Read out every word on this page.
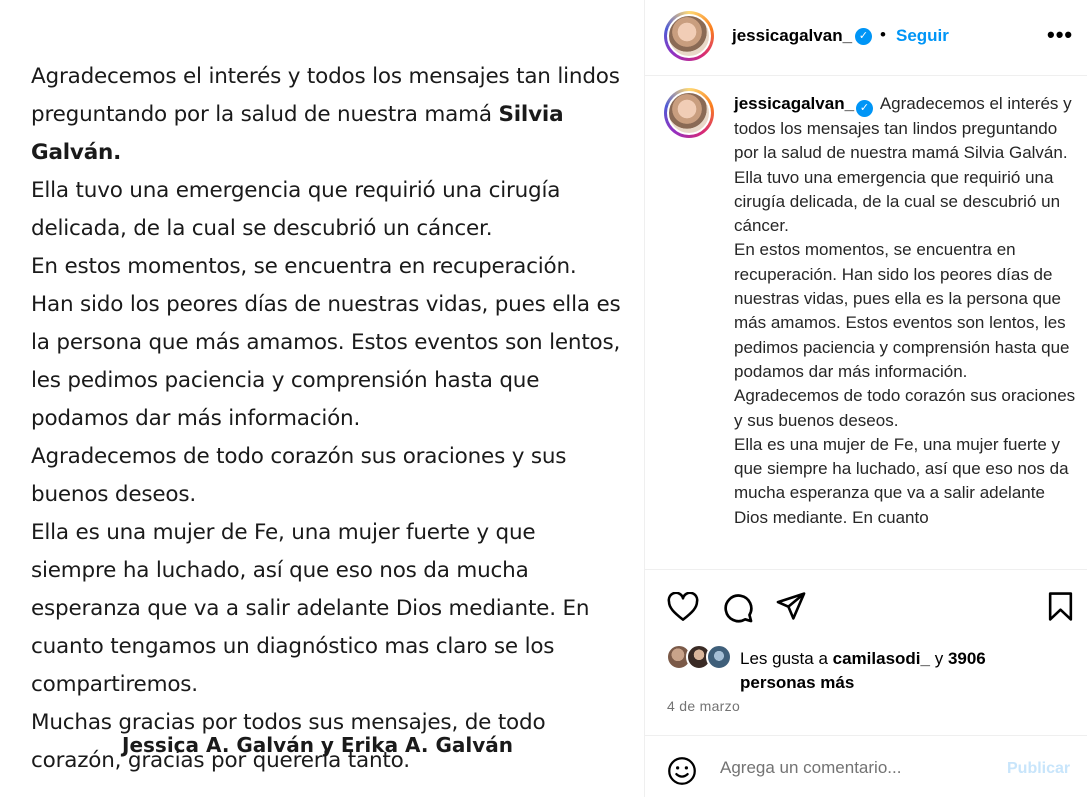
Agradecemos el interés y todos los mensajes tan lindos preguntando por la salud de nuestra mamá Silvia Galván.

Ella tuvo una emergencia que requirió una cirugía delicada, de la cual se descubrió un cáncer.

En estos momentos, se encuentra en recuperación. Han sido los peores días de nuestras vidas, pues ella es la persona que más amamos. Estos eventos son lentos, les pedimos paciencia y comprensión hasta que podamos dar más información.

Agradecemos de todo corazón sus oraciones y sus buenos deseos.

Ella es una mujer de Fe, una mujer fuerte y que siempre ha luchado, así que eso nos da mucha esperanza que va a salir adelante Dios mediante. En cuanto tengamos un diagnóstico mas claro se los compartiremos.

Muchas gracias por todos sus mensajes, de todo corazón, gracias por quererla tanto.

Jessica A. Galván y Erika A. Galván
jessicagalvan_ ✓ • Seguir	•••
jessicagalvan_ ✓ Agradecemos el interés y todos los mensajes tan lindos preguntando por la salud de nuestra mamá Silvia Galván.
Ella tuvo una emergencia que requirió una cirugía delicada, de la cual se descubrió un cáncer.
En estos momentos, se encuentra en recuperación. Han sido los peores días de nuestras vidas, pues ella es la persona que más amamos. Estos eventos son lentos, les pedimos paciencia y comprensión hasta que podamos dar más información.
Agradecemos de todo corazón sus oraciones y sus buenos deseos.
Ella es una mujer de Fe, una mujer fuerte y que siempre ha luchado, así que eso nos da mucha esperanza que va a salir adelante Dios mediante. En cuanto
Les gusta a camilasodi_ y 3906
personas más
4 de marzo
Agrega un comentario...
Publicar
